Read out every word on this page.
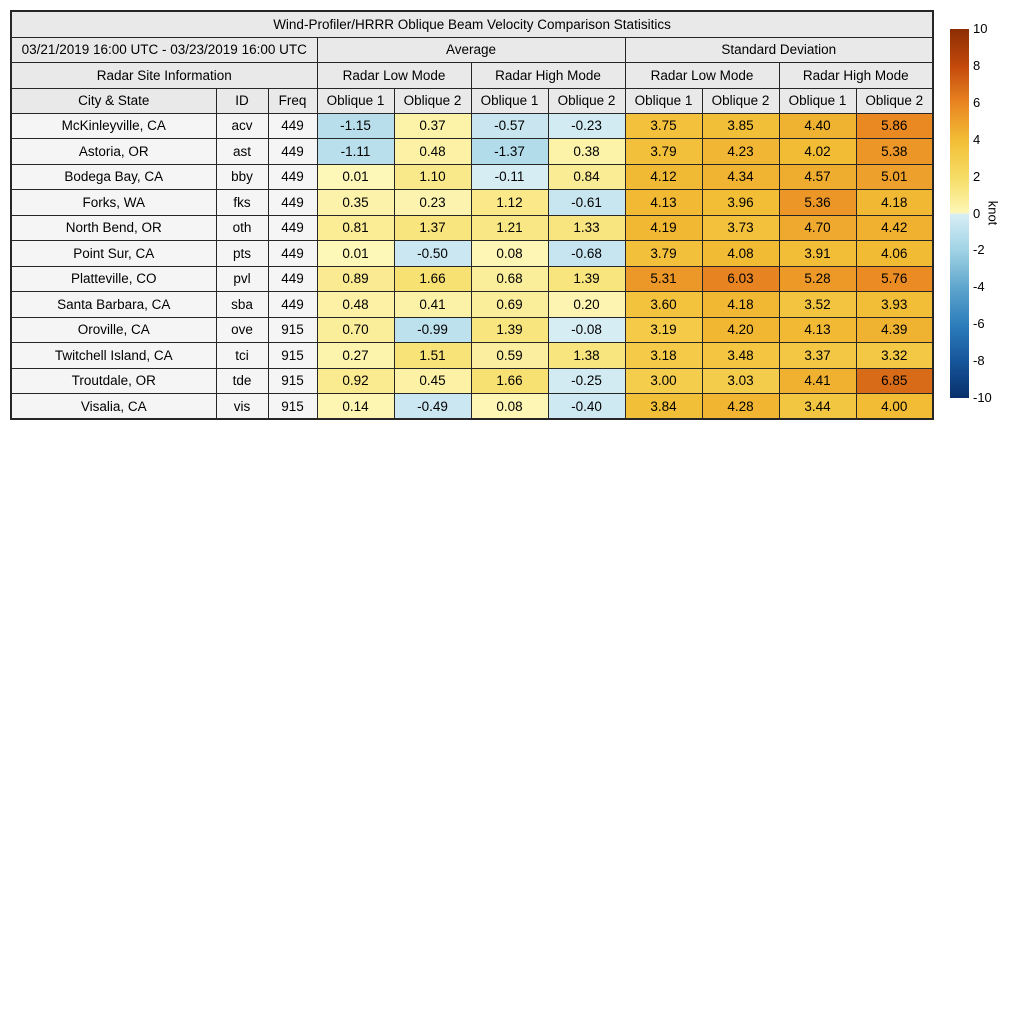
Wind-Profiler/HRRR Oblique Beam Velocity Comparison Statisitics										
03/21/2019 16:00 UTC - 03/23/2019 16:00 UTC			Average				Standard Deviation			
Radar Site Information			Radar Low Mode		Radar High Mode		Radar Low Mode		Radar High Mode	
City & State	ID	Freq	Oblique 1	Oblique 2	Oblique 1	Oblique 2	Oblique 1	Oblique 2	Oblique 1	Oblique 2
McKinleyville, CA	acv	449	-1.15	0.37	-0.57	-0.23	3.75	3.85	4.40	5.86
Astoria, OR	ast	449	-1.11	0.48	-1.37	0.38	3.79	4.23	4.02	5.38
Bodega Bay, CA	bby	449	0.01	1.10	-0.11	0.84	4.12	4.34	4.57	5.01
Forks, WA	fks	449	0.35	0.23	1.12	-0.61	4.13	3.96	5.36	4.18
North Bend, OR	oth	449	0.81	1.37	1.21	1.33	4.19	3.73	4.70	4.42
Point Sur, CA	pts	449	0.01	-0.50	0.08	-0.68	3.79	4.08	3.91	4.06
Platteville, CO	pvl	449	0.89	1.66	0.68	1.39	5.31	6.03	5.28	5.76
Santa Barbara, CA	sba	449	0.48	0.41	0.69	0.20	3.60	4.18	3.52	3.93
Oroville, CA	ove	915	0.70	-0.99	1.39	-0.08	3.19	4.20	4.13	4.39
Twitchell Island, CA	tci	915	0.27	1.51	0.59	1.38	3.18	3.48	3.37	3.32
Troutdale, OR	tde	915	0.92	0.45	1.66	-0.25	3.00	3.03	4.41	6.85
Visalia, CA	vis	915	0.14	-0.49	0.08	-0.40	3.84	4.28	3.44	4.00
10
8
6
4
2
0
-2
-4
-6
-8
-10
knot
